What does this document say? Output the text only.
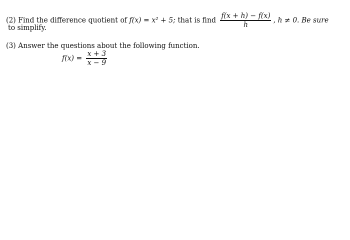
(2) Find the difference quotient of f(x) = x² + 5; that is find $\frac{f(x + h) - f(x)}{h}$ , h ≠ 0. Be sure
to simplify.
(3) Answer the questions about the following function.
$f(x) = \frac{x + 3}{x - 9}$
